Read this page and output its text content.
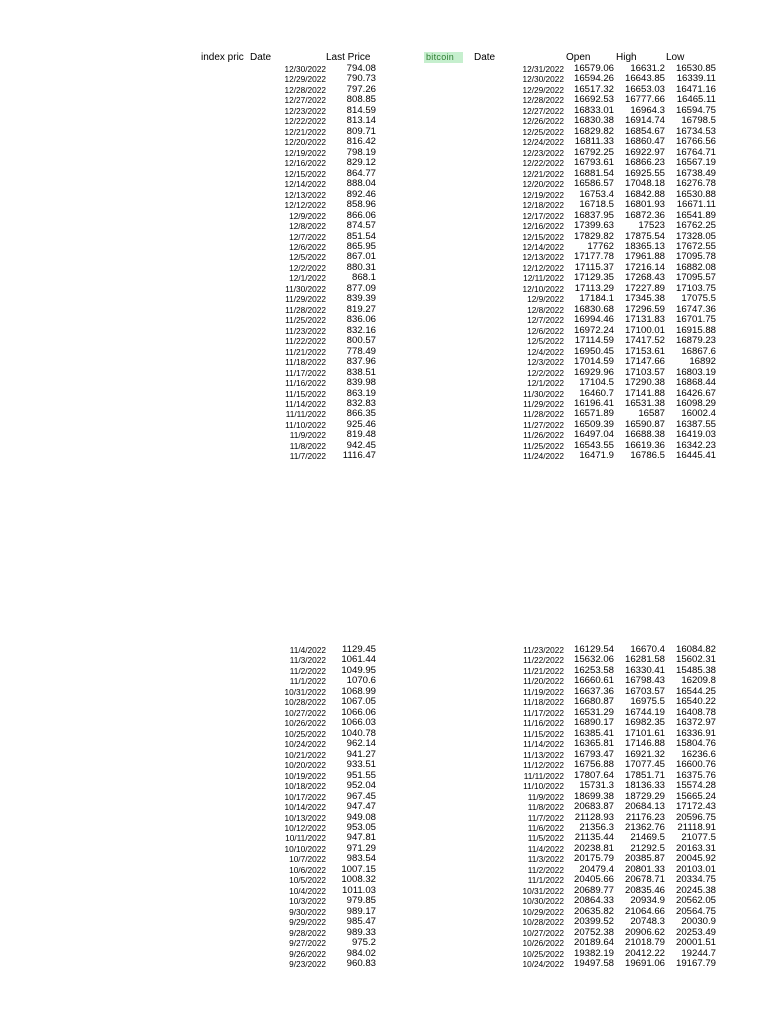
index pric Date	Last Price	bitcoin	Date	Open	High	Low
12/30/2022	794.08
12/29/2022	790.73
12/28/2022	797.26
12/27/2022	808.85
12/23/2022	814.59
12/22/2022	813.14
12/21/2022	809.71
12/20/2022	816.42
12/19/2022	798.19
12/16/2022	829.12
12/15/2022	864.77
12/14/2022	888.04
12/13/2022	892.46
12/12/2022	858.96
12/9/2022	866.06
12/8/2022	874.57
12/7/2022	851.54
12/6/2022	865.95
12/5/2022	867.01
12/2/2022	880.31
12/1/2022	868.1
11/30/2022	877.09
11/29/2022	839.39
11/28/2022	819.27
11/25/2022	836.06
11/23/2022	832.16
11/22/2022	800.57
11/21/2022	778.49
11/18/2022	837.96
11/17/2022	838.51
11/16/2022	839.98
11/15/2022	863.19
11/14/2022	832.83
11/11/2022	866.35
11/10/2022	925.46
11/9/2022	819.48
11/8/2022	942.45
11/7/2022	1116.47
12/31/2022	16579.06	16631.2	16530.85
12/30/2022	16594.26	16643.85	16339.11
12/29/2022	16517.32	16653.03	16471.16
12/28/2022	16692.53	16777.66	16465.11
12/27/2022	16833.01	16964.3	16594.75
12/26/2022	16830.38	16914.74	16798.5
12/25/2022	16829.82	16854.67	16734.53
12/24/2022	16811.33	16860.47	16766.56
12/23/2022	16792.25	16922.97	16764.71
12/22/2022	16793.61	16866.23	16567.19
12/21/2022	16881.54	16925.55	16738.49
12/20/2022	16586.57	17048.18	16276.78
12/19/2022	16753.4	16842.88	16530.88
12/18/2022	16718.5	16801.93	16671.11
12/17/2022	16837.95	16872.36	16541.89
12/16/2022	17399.63	17523	16762.25
12/15/2022	17829.82	17875.54	17328.05
12/14/2022	17762	18365.13	17672.55
12/13/2022	17177.78	17961.88	17095.78
12/12/2022	17115.37	17216.14	16882.08
12/11/2022	17129.35	17268.43	17095.57
12/10/2022	17113.29	17227.89	17103.75
12/9/2022	17184.1	17345.38	17075.5
12/8/2022	16830.68	17296.59	16747.36
12/7/2022	16994.46	17131.83	16701.75
12/6/2022	16972.24	17100.01	16915.88
12/5/2022	17114.59	17417.52	16879.23
12/4/2022	16950.45	17153.61	16867.6
12/3/2022	17014.59	17147.66	16892
12/2/2022	16929.96	17103.57	16803.19
12/1/2022	17104.5	17290.38	16868.44
11/30/2022	16460.7	17141.88	16426.67
11/29/2022	16196.41	16531.38	16098.29
11/28/2022	16571.89	16587	16002.4
11/27/2022	16509.39	16590.87	16387.55
11/26/2022	16497.04	16688.38	16419.03
11/25/2022	16543.55	16619.36	16342.23
11/24/2022	16471.9	16786.5	16445.41
11/4/2022	1129.45
11/3/2022	1061.44
11/2/2022	1049.95
11/1/2022	1070.6
10/31/2022	1068.99
10/28/2022	1067.05
10/27/2022	1066.06
10/26/2022	1066.03
10/25/2022	1040.78
10/24/2022	962.14
10/21/2022	941.27
10/20/2022	933.51
10/19/2022	951.55
10/18/2022	952.04
10/17/2022	967.45
10/14/2022	947.47
10/13/2022	949.08
10/12/2022	953.05
10/11/2022	947.81
10/10/2022	971.29
10/7/2022	983.54
10/6/2022	1007.15
10/5/2022	1008.32
10/4/2022	1011.03
10/3/2022	979.85
9/30/2022	989.17
9/29/2022	985.47
9/28/2022	989.33
9/27/2022	975.2
9/26/2022	984.02
9/23/2022	960.83
11/23/2022	16129.54	16670.4	16084.82
11/22/2022	15632.06	16281.58	15602.31
11/21/2022	16253.58	16330.41	15485.38
11/20/2022	16660.61	16798.43	16209.8
11/19/2022	16637.36	16703.57	16544.25
11/18/2022	16680.87	16975.5	16540.22
11/17/2022	16531.29	16744.19	16408.78
11/16/2022	16890.17	16982.35	16372.97
11/15/2022	16385.41	17101.61	16336.91
11/14/2022	16365.81	17146.88	15804.76
11/13/2022	16793.47	16921.32	16236.6
11/12/2022	16756.88	17077.45	16600.76
11/11/2022	17807.64	17851.71	16375.76
11/10/2022	15731.3	18136.33	15574.28
11/9/2022	18699.38	18729.29	15665.24
11/8/2022	20683.87	20684.13	17172.43
11/7/2022	21128.93	21176.23	20596.75
11/6/2022	21356.3	21362.76	21118.91
11/5/2022	21135.44	21469.5	21077.5
11/4/2022	20238.81	21292.5	20163.31
11/3/2022	20175.79	20385.87	20045.92
11/2/2022	20479.4	20801.33	20103.01
11/1/2022	20405.66	20678.71	20334.75
10/31/2022	20689.77	20835.46	20245.38
10/30/2022	20864.33	20934.9	20562.05
10/29/2022	20635.82	21064.66	20564.75
10/28/2022	20399.52	20748.3	20030.9
10/27/2022	20752.38	20906.62	20253.49
10/26/2022	20189.64	21018.79	20001.51
10/25/2022	19382.19	20412.22	19244.7
10/24/2022	19497.58	19691.06	19167.79
